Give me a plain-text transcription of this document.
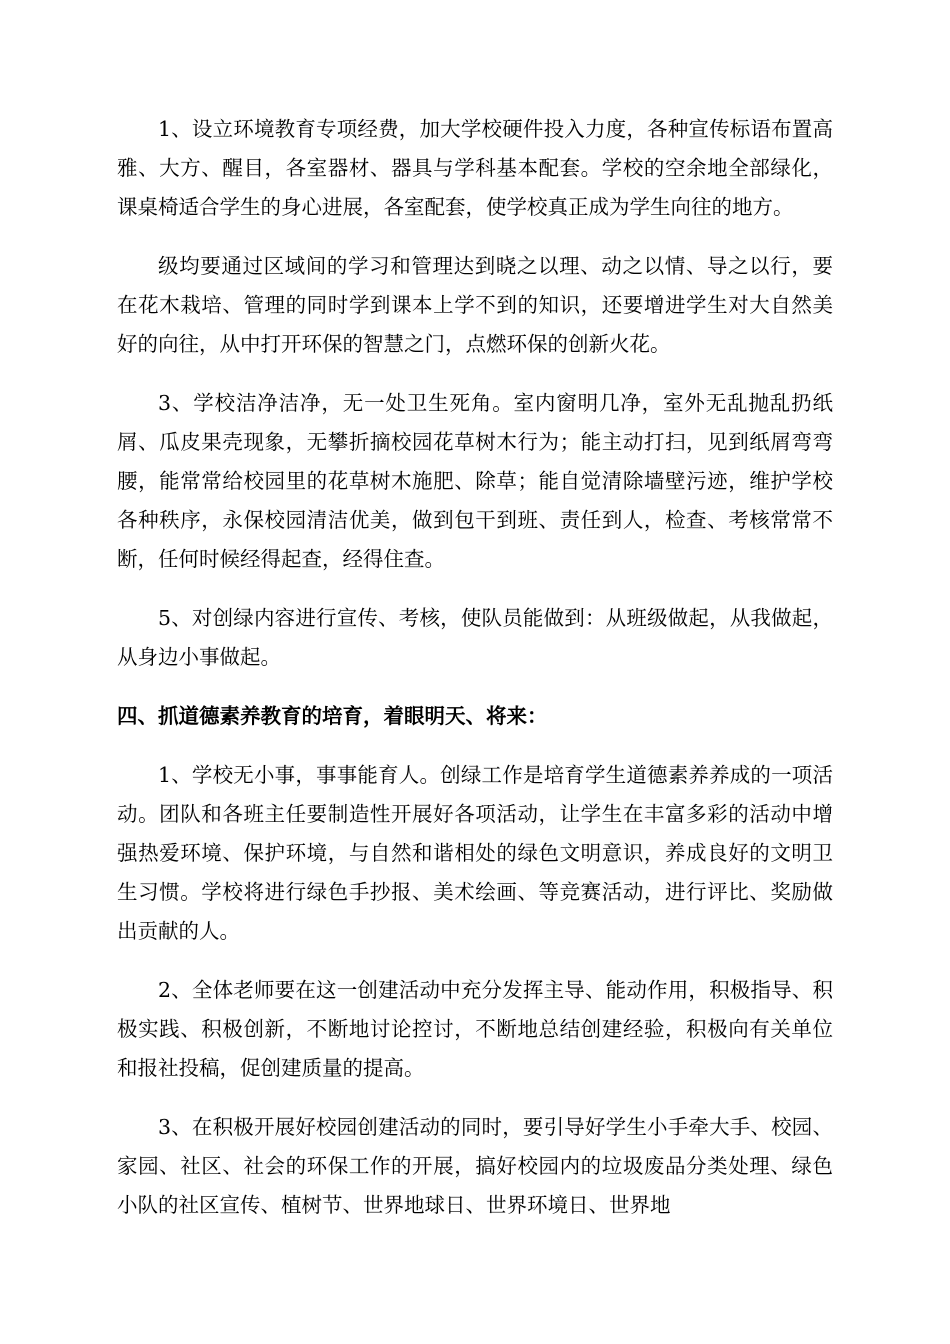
1、设立环境教育专项经费，加大学校硬件投入力度，各种宣传标语布置高雅、大方、醒目，各室器材、器具与学科基本配套。学校的空余地全部绿化，课桌椅适合学生的身心进展，各室配套，使学校真正成为学生向往的地方。

级均要通过区域间的学习和管理达到晓之以理、动之以情、导之以行，要在花木栽培、管理的同时学到课本上学不到的知识，还要增进学生对大自然美好的向往，从中打开环保的智慧之门，点燃环保的创新火花。

3、学校洁净洁净，无一处卫生死角。室内窗明几净，室外无乱抛乱扔纸屑、瓜皮果壳现象，无攀折摘校园花草树木行为；能主动打扫，见到纸屑弯弯腰，能常常给校园里的花草树木施肥、除草；能自觉清除墙壁污迹，维护学校各种秩序，永保校园清洁优美，做到包干到班、责任到人，检查、考核常常不断，任何时候经得起查，经得住查。

5、对创绿内容进行宣传、考核，使队员能做到：从班级做起，从我做起，从身边小事做起。

四、抓道德素养教育的培育，着眼明天、将来：

1、学校无小事，事事能育人。创绿工作是培育学生道德素养养成的一项活动。团队和各班主任要制造性开展好各项活动，让学生在丰富多彩的活动中增强热爱环境、保护环境，与自然和谐相处的绿色文明意识，养成良好的文明卫生习惯。学校将进行绿色手抄报、美术绘画、等竞赛活动，进行评比、奖励做出贡献的人。

2、全体老师要在这一创建活动中充分发挥主导、能动作用，积极指导、积极实践、积极创新，不断地讨论控讨，不断地总结创建经验，积极向有关单位和报社投稿，促创建质量的提高。

3、在积极开展好校园创建活动的同时，要引导好学生小手牵大手、校园、家园、社区、社会的环保工作的开展，搞好校园内的垃圾废品分类处理、绿色小队的社区宣传、植树节、世界地球日、世界环境日、世界地
